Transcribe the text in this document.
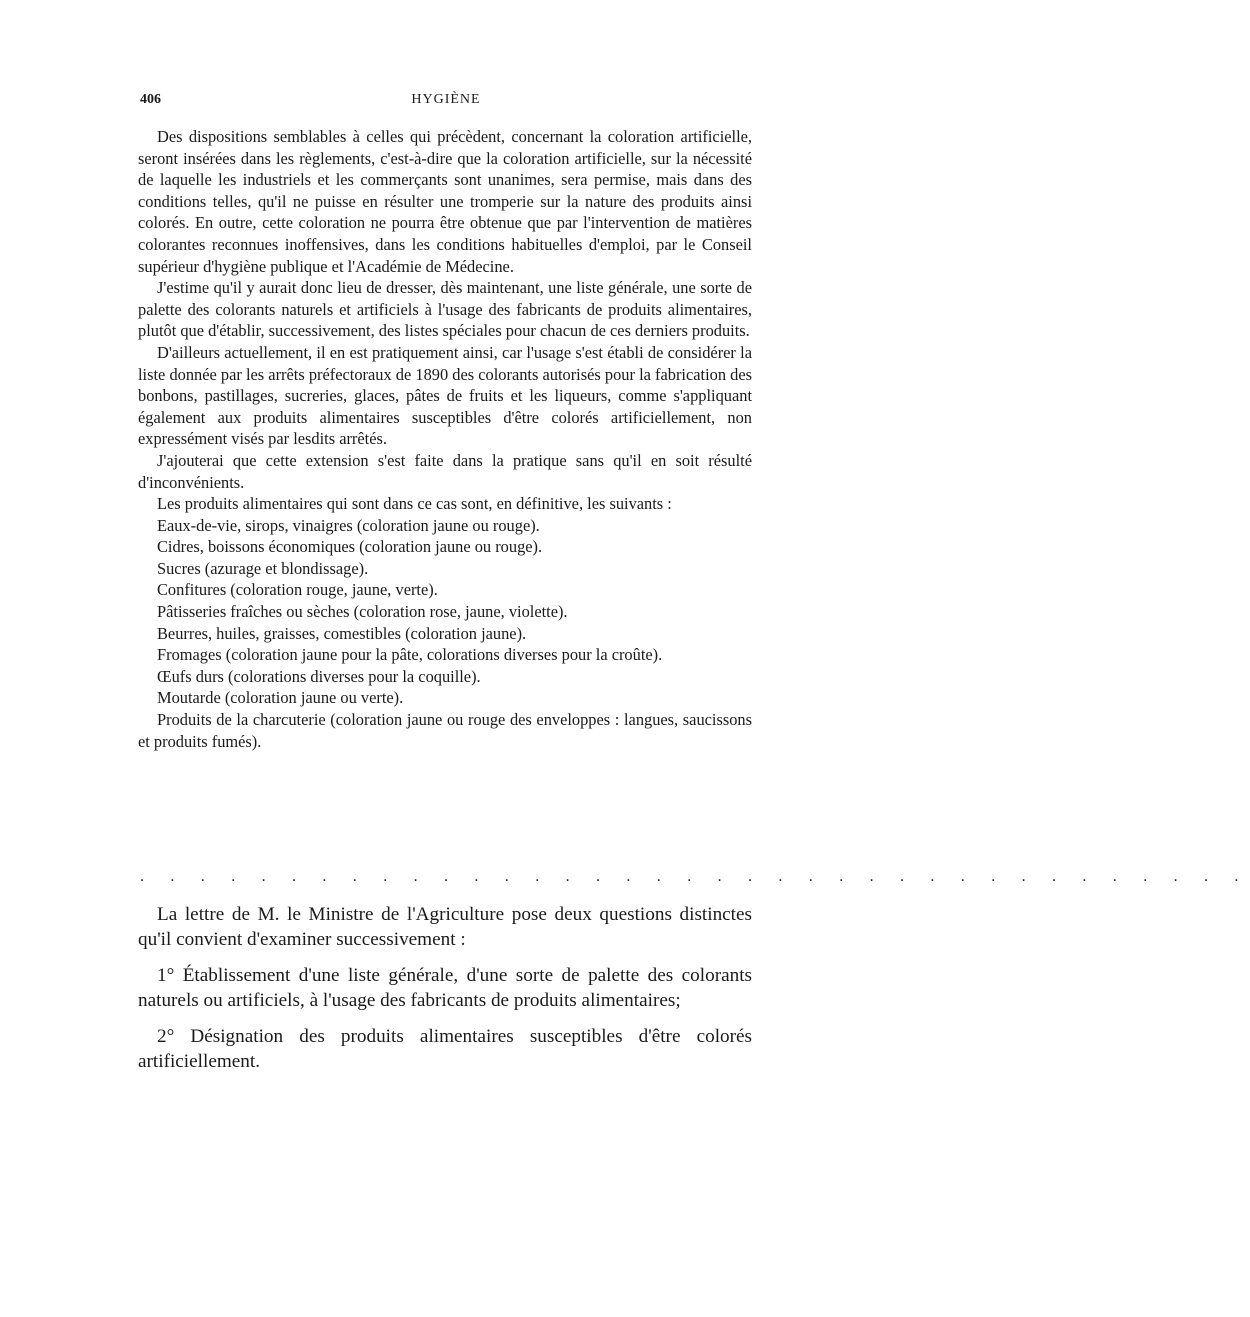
406	HYGIÈNE

Des dispositions semblables à celles qui précèdent, concernant la coloration artificielle, seront insérées dans les règlements, c'est-à-dire que la coloration artificielle, sur la nécessité de laquelle les industriels et les commerçants sont unanimes, sera permise, mais dans des conditions telles, qu'il ne puisse en résulter une tromperie sur la nature des produits ainsi colorés. En outre, cette coloration ne pourra être obtenue que par l'intervention de matières colorantes reconnues inoffensives, dans les conditions habituelles d'emploi, par le Conseil supérieur d'hygiène publique et l'Académie de Médecine.

J'estime qu'il y aurait donc lieu de dresser, dès maintenant, une liste générale, une sorte de palette des colorants naturels et artificiels à l'usage des fabricants de produits alimentaires, plutôt que d'établir, successivement, des listes spéciales pour chacun de ces derniers produits.

D'ailleurs actuellement, il en est pratiquement ainsi, car l'usage s'est établi de considérer la liste donnée par les arrêts préfectoraux de 1890 des colorants autorisés pour la fabrication des bonbons, pastillages, sucreries, glaces, pâtes de fruits et les liqueurs, comme s'appliquant également aux produits alimentaires susceptibles d'être colorés artificiellement, non expressément visés par lesdits arrêtés.

J'ajouterai que cette extension s'est faite dans la pratique sans qu'il en soit résulté d'inconvénients.

Les produits alimentaires qui sont dans ce cas sont, en définitive, les suivants :

Eaux-de-vie, sirops, vinaigres (coloration jaune ou rouge).

Cidres, boissons économiques (coloration jaune ou rouge).

Sucres (azurage et blondissage).

Confitures (coloration rouge, jaune, verte).

Pâtisseries fraîches ou sèches (coloration rose, jaune, violette).

Beurres, huiles, graisses, comestibles (coloration jaune).

Fromages (coloration jaune pour la pâte, colorations diverses pour la croûte).

Œufs durs (colorations diverses pour la coquille).

Moutarde (coloration jaune ou verte).

Produits de la charcuterie (coloration jaune ou rouge des enveloppes : langues, saucissons et produits fumés).

. . . . . . . . . . . . . . . . . . . . . . . . . . . . . . . . . . . . .

La lettre de M. le Ministre de l'Agriculture pose deux questions distinctes qu'il convient d'examiner successivement :

1° Établissement d'une liste générale, d'une sorte de palette des colorants naturels ou artificiels, à l'usage des fabricants de produits alimentaires;

2° Désignation des produits alimentaires susceptibles d'être colorés artificiellement.
